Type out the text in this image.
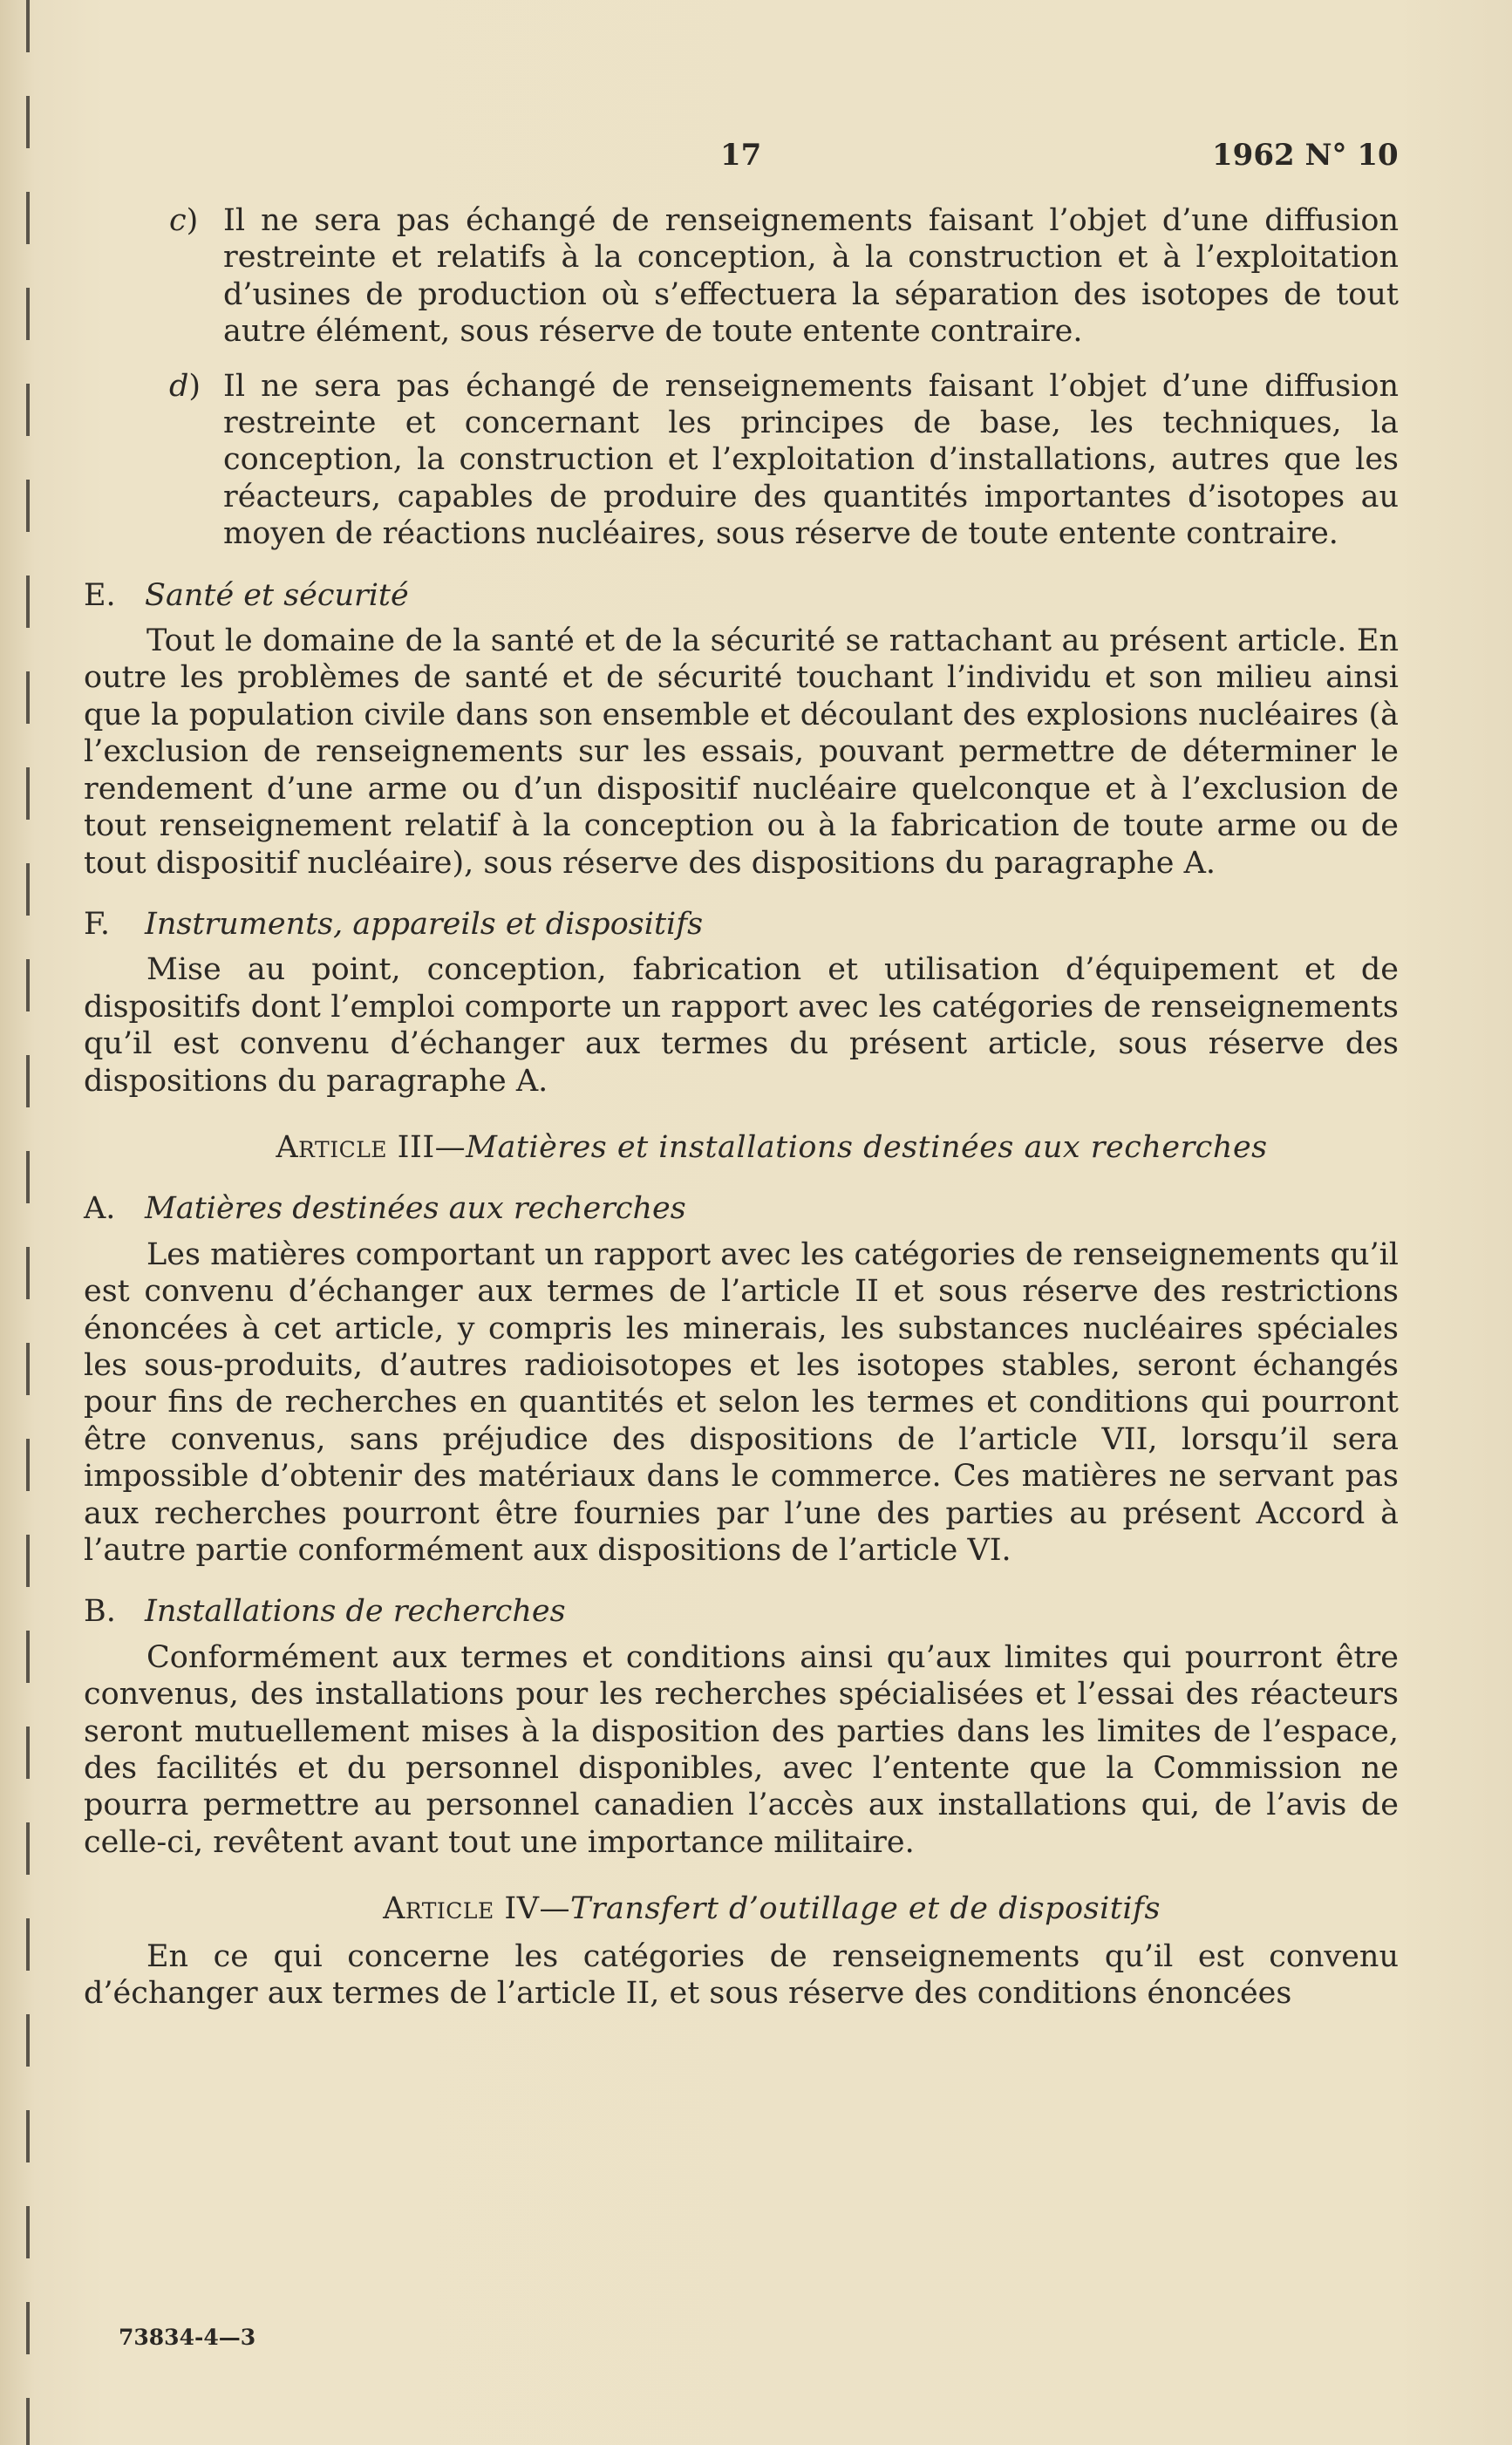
17	1962 N° 10
c) Il ne sera pas échangé de renseignements faisant l’objet d’une diffusion restreinte et relatifs à la conception, à la construction et à l’exploitation d’usines de production où s’effectuera la séparation des isotopes de tout autre élément, sous réserve de toute entente contraire.
d) Il ne sera pas échangé de renseignements faisant l’objet d’une diffusion restreinte et concernant les principes de base, les techniques, la conception, la construction et l’exploitation d’installations, autres que les réacteurs, capables de produire des quantités importantes d’isotopes au moyen de réactions nucléaires, sous réserve de toute entente contraire.
E. Santé et sécurité

Tout le domaine de la santé et de la sécurité se rattachant au présent article. En outre les problèmes de santé et de sécurité touchant l’individu et son milieu ainsi que la population civile dans son ensemble et découlant des explosions nucléaires (à l’exclusion de renseignements sur les essais, pouvant permettre de déterminer le rendement d’une arme ou d’un dispositif nucléaire quelconque et à l’exclusion de tout renseignement relatif à la conception ou à la fabrication de toute arme ou de tout dispositif nucléaire), sous réserve des dispositions du paragraphe A.

F. Instruments, appareils et dispositifs

Mise au point, conception, fabrication et utilisation d’équipement et de dispositifs dont l’emploi comporte un rapport avec les catégories de renseignements qu’il est convenu d’échanger aux termes du présent article, sous réserve des dispositions du paragraphe A.

Article III—Matières et installations destinées aux recherches
A. Matières destinées aux recherches

Les matières comportant un rapport avec les catégories de renseignements qu’il est convenu d’échanger aux termes de l’article II et sous réserve des restrictions énoncées à cet article, y compris les minerais, les substances nucléaires spéciales les sous-produits, d’autres radioisotopes et les isotopes stables, seront échangés pour fins de recherches en quantités et selon les termes et conditions qui pourront être convenus, sans préjudice des dispositions de l’article VII, lorsqu’il sera impossible d’obtenir des matériaux dans le commerce. Ces matières ne servant pas aux recherches pourront être fournies par l’une des parties au présent Accord à l’autre partie conformément aux dispositions de l’article VI.

B. Installations de recherches

Conformément aux termes et conditions ainsi qu’aux limites qui pourront être convenus, des installations pour les recherches spécialisées et l’essai des réacteurs seront mutuellement mises à la disposition des parties dans les limites de l’espace, des facilités et du personnel disponibles, avec l’entente que la Commission ne pourra permettre au personnel canadien l’accès aux installations qui, de l’avis de celle-ci, revêtent avant tout une importance militaire.

Article IV—Transfert d’outillage et de dispositifs

En ce qui concerne les catégories de renseignements qu’il est convenu d’échanger aux termes de l’article II, et sous réserve des conditions énoncées

73834-4—3
